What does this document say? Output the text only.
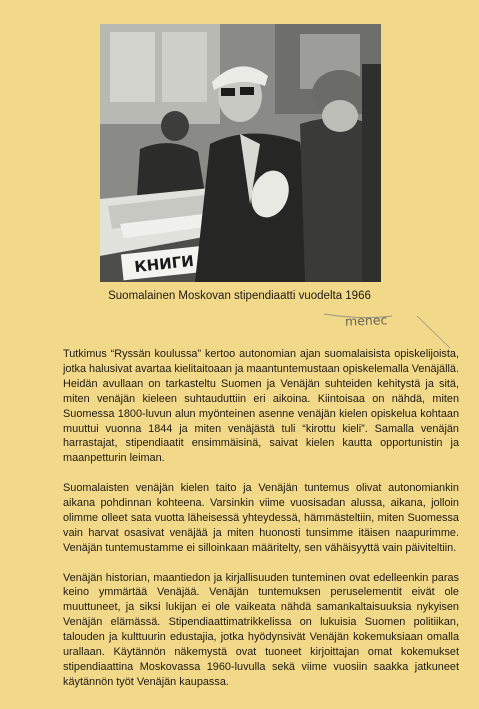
КНИГИ
Suomalainen Moskovan stipendiaatti vuodelta 1966
menec

Tutkimus “Ryssän koulussa” kertoo autonomian ajan suomalaisista opiskelijoista, jotka halusivat avartaa kielitaitoaan ja maantuntemustaan opiskelemalla Venäjällä. Heidän avullaan on tarkasteltu Suomen ja Venäjän suhteiden kehitystä ja sitä, miten venäjän kieleen suhtauduttiin eri aikoina. Kiintoisaa on nähdä, miten Suomessa 1800-luvun alun myönteinen asenne venäjän kielen opiskelua kohtaan muuttui vuonna 1844 ja miten venäjästä tuli “kirottu kieli”. Samalla venäjän harrastajat, stipendiaatit ensimmäisinä, saivat kielen kautta opportunistin ja maanpetturin leiman.

Suomalaisten venäjän kielen taito ja Venäjän tuntemus olivat autonomiankin aikana pohdinnan kohteena. Varsinkin viime vuosisadan alussa, aikana, jolloin olimme olleet sata vuotta läheisessä yhteydessä, hämmästeltiin, miten Suomessa vain harvat osasivat venäjää ja miten huonosti tunsimme itäisen naapurimme. Venäjän tuntemustamme ei silloinkaan määritelty, sen vähäisyyttä vain päiviteltiin.

Venäjän historian, maantiedon ja kirjallisuuden tunteminen ovat edelleenkin paras keino ymmärtää Venäjää. Venäjän tuntemuksen peruselementit eivät ole muuttuneet, ja siksi lukijan ei ole vaikeata nähdä samankaltaisuuksia nykyisen Venäjän elämässä. Stipendiaattimatrikkelissa on lukuisia Suomen politiikan, talouden ja kulttuurin edustajia, jotka hyödynsivät Venäjän kokemuksiaan omalla urallaan. Käytännön näkemystä ovat tuoneet kirjoittajan omat kokemukset stipendiaattina Moskovassa 1960-luvulla sekä viime vuosiin saakka jatkuneet käytännön työt Venäjän kaupassa.
